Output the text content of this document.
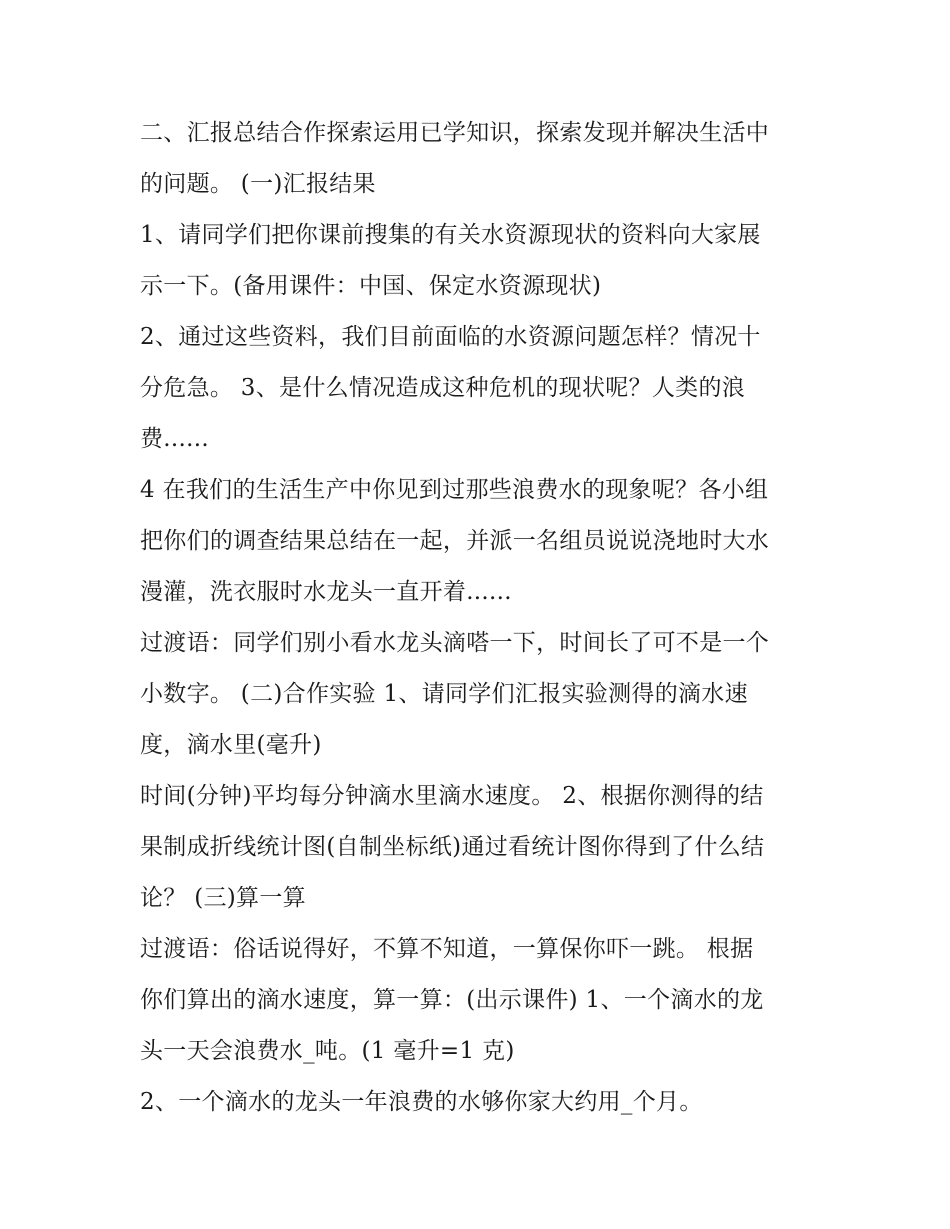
二、汇报总结合作探索运用已学知识，探索发现并解决生活中
的问题。 (一)汇报结果
1、请同学们把你课前搜集的有关水资源现状的资料向大家展
示一下。(备用课件：中国、保定水资源现状)
2、通过这些资料，我们目前面临的水资源问题怎样？情况十
分危急。 3、是什么情况造成这种危机的现状呢？人类的浪
费......
4 在我们的生活生产中你见到过那些浪费水的现象呢？各小组
把你们的调查结果总结在一起，并派一名组员说说浇地时大水
漫灌，洗衣服时水龙头一直开着......
过渡语：同学们别小看水龙头滴嗒一下，时间长了可不是一个
小数字。 (二)合作实验 1、请同学们汇报实验测得的滴水速
度，滴水里(毫升)
时间(分钟)平均每分钟滴水里滴水速度。 2、根据你测得的结
果制成折线统计图(自制坐标纸)通过看统计图你得到了什么结
论？ (三)算一算
过渡语：俗话说得好，不算不知道，一算保你吓一跳。 根据
你们算出的滴水速度，算一算：(出示课件) 1、一个滴水的龙
头一天会浪费水_吨。(1 毫升=1 克)
2、一个滴水的龙头一年浪费的水够你家大约用_个月。
